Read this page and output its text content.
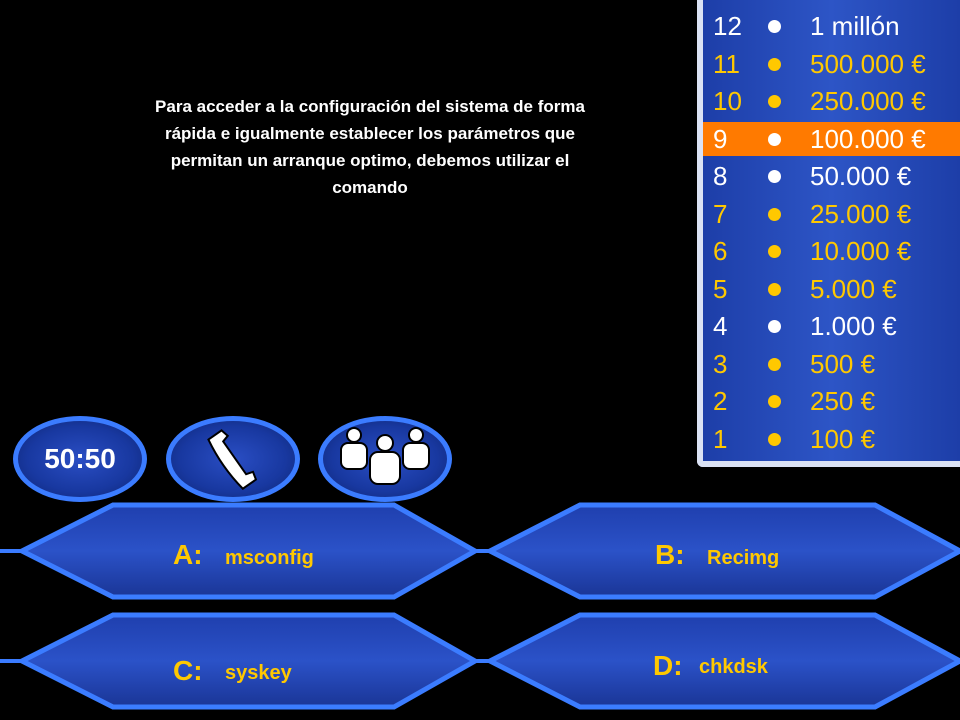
Para acceder a la configuración del sistema de forma
rápida e igualmente establecer los parámetros que
permitan un arranque optimo, debemos utilizar el
comando
12	1 millón
11	500.000 €
10	250.000 €
9	100.000 €
8	50.000 €
7	25.000 €
6	10.000 €
5	5.000 €
4	1.000 €
3	500 €
2	250 €
1	100 €
50:50
A: msconfig	B: Recimg
C: syskey	D: chkdsk
